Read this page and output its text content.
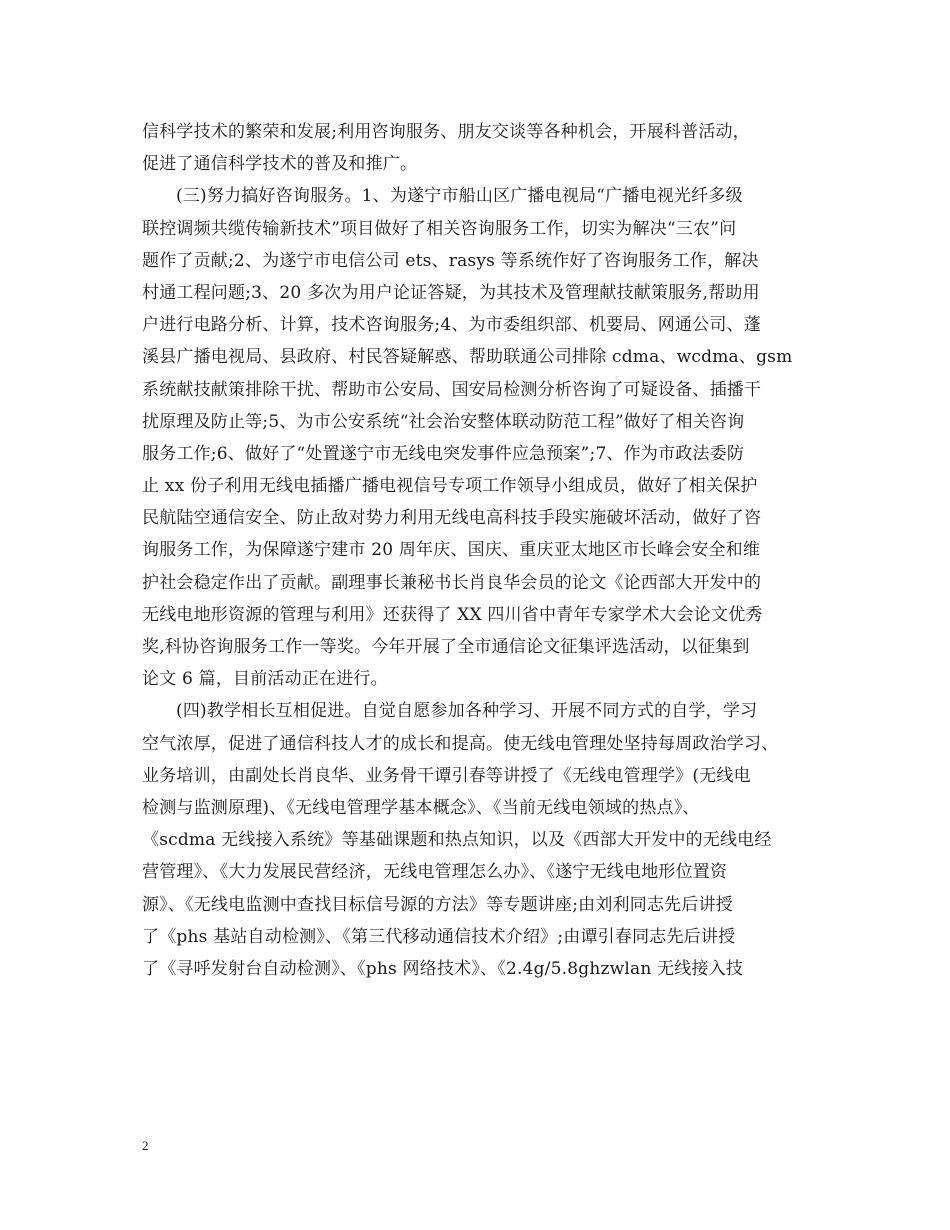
信科学技术的繁荣和发展;利用咨询服务、朋友交谈等各种机会，开展科普活动，
促进了通信科学技术的普及和推广。
(三)努力搞好咨询服务。1、为遂宁市船山区广播电视局“广播电视光纤多级
联控调频共缆传输新技术”项目做好了相关咨询服务工作，切实为解决“三农”问
题作了贡献;2、为遂宁市电信公司 ets、rasys 等系统作好了咨询服务工作，解决
村通工程问题;3、20 多次为用户论证答疑，为其技术及管理献技献策服务,帮助用
户进行电路分析、计算，技术咨询服务;4、为市委组织部、机要局、网通公司、蓬
溪县广播电视局、县政府、村民答疑解惑、帮助联通公司排除 cdma、wcdma、gsm
系统献技献策排除干扰、帮助市公安局、国安局检测分析咨询了可疑设备、插播干
扰原理及防止等;5、为市公安系统“社会治安整体联动防范工程”做好了相关咨询
服务工作;6、做好了“处置遂宁市无线电突发事件应急预案”;7、作为市政法委防
止 xx 份子利用无线电插播广播电视信号专项工作领导小组成员，做好了相关保护
民航陆空通信安全、防止敌对势力利用无线电高科技手段实施破坏活动，做好了咨
询服务工作，为保障遂宁建市 20 周年庆、国庆、重庆亚太地区市长峰会安全和维
护社会稳定作出了贡献。副理事长兼秘书长肖良华会员的论文《论西部大开发中的
无线电地形资源的管理与利用》还获得了 XX 四川省中青年专家学术大会论文优秀
奖,科协咨询服务工作一等奖。今年开展了全市通信论文征集评选活动，以征集到
论文 6 篇，目前活动正在进行。
(四)教学相长互相促进。自觉自愿参加各种学习、开展不同方式的自学，学习
空气浓厚，促进了通信科技人才的成长和提高。使无线电管理处坚持每周政治学习、
业务培训，由副处长肖良华、业务骨干谭引春等讲授了《无线电管理学》(无线电
检测与监测原理)、《无线电管理学基本概念》、《当前无线电领域的热点》、
《scdma 无线接入系统》等基础课题和热点知识，以及《西部大开发中的无线电经
营管理》、《大力发展民营经济，无线电管理怎么办》、《遂宁无线电地形位置资
源》、《无线电监测中查找目标信号源的方法》等专题讲座;由刘利同志先后讲授
了《phs 基站自动检测》、《第三代移动通信技术介绍》;由谭引春同志先后讲授
了《寻呼发射台自动检测》、《phs 网络技术》、《2.4g/5.8ghzwlan 无线接入技
2
